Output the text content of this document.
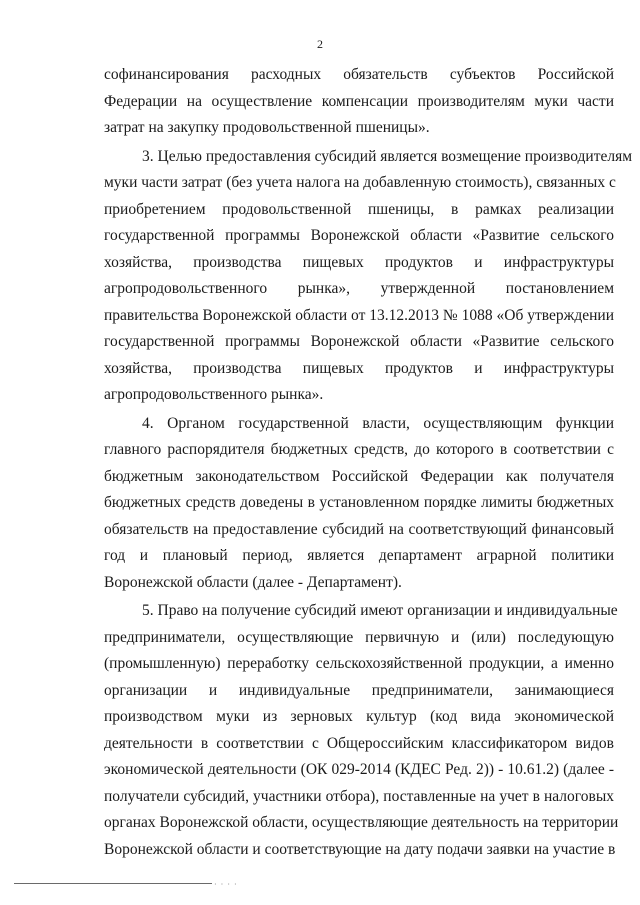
2
софинансирования расходных обязательств субъектов Российской
Федерации на осуществление компенсации производителям муки части
затрат на закупку продовольственной пшеницы».
3. Целью предоставления субсидий является возмещение производителям
муки части затрат (без учета налога на добавленную стоимость), связанных с
приобретением продовольственной пшеницы, в рамках реализации
государственной программы Воронежской области «Развитие сельского
хозяйства, производства пищевых продуктов и инфраструктуры
агропродовольственного рынка», утвержденной постановлением
правительства Воронежской области от 13.12.2013 № 1088 «Об утверждении
государственной программы Воронежской области «Развитие сельского
хозяйства, производства пищевых продуктов и инфраструктуры
агропродовольственного рынка».
4. Органом государственной власти, осуществляющим функции
главного распорядителя бюджетных средств, до которого в соответствии с
бюджетным законодательством Российской Федерации как получателя
бюджетных средств доведены в установленном порядке лимиты бюджетных
обязательств на предоставление субсидий на соответствующий финансовый
год и плановый период, является департамент аграрной политики
Воронежской области (далее - Департамент).
5. Право на получение субсидий имеют организации и индивидуальные
предприниматели, осуществляющие первичную и (или) последующую
(промышленную) переработку сельскохозяйственной продукции, а именно
организации и индивидуальные предприниматели, занимающиеся
производством муки из зерновых культур (код вида экономической
деятельности в соответствии с Общероссийским классификатором видов
экономической деятельности (ОК 029-2014 (КДЕС Ред. 2)) - 10.61.2) (далее -
получатели субсидий, участники отбора), поставленные на учет в налоговых
органах Воронежской области, осуществляющие деятельность на территории
Воронежской области и соответствующие на дату подачи заявки на участие в
· · · ·
